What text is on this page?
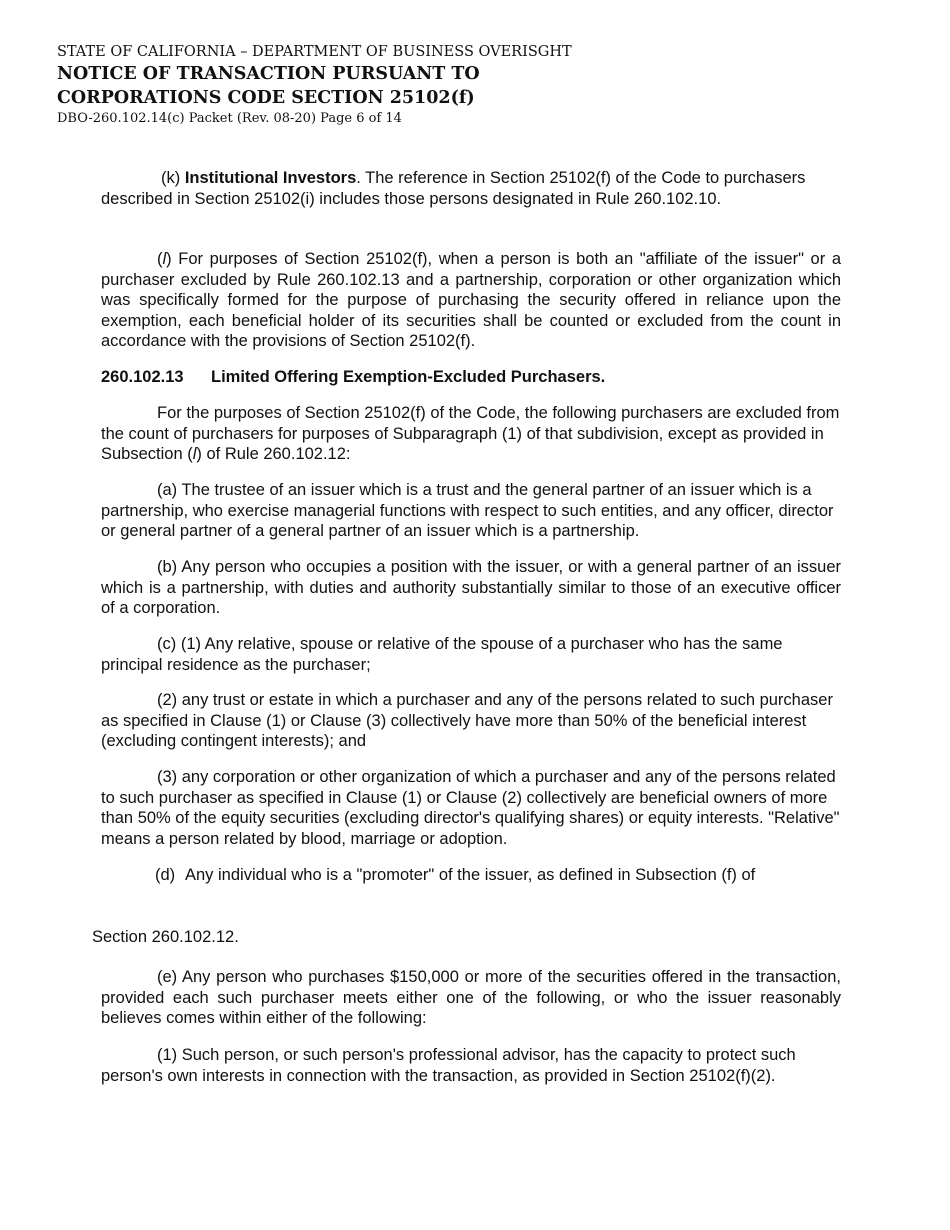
STATE OF CALIFORNIA – DEPARTMENT OF BUSINESS OVERISGHT
NOTICE OF TRANSACTION PURSUANT TO
CORPORATIONS CODE SECTION 25102(f)
DBO-260.102.14(c) Packet (Rev. 08-20) Page 6 of 14

(k) Institutional Investors. The reference in Section 25102(f) of the Code to purchasers described in Section 25102(i) includes those persons designated in Rule 260.102.10.

(l) For purposes of Section 25102(f), when a person is both an "affiliate of the issuer" or a purchaser excluded by Rule 260.102.13 and a partnership, corporation or other organization which was specifically formed for the purpose of purchasing the security offered in reliance upon the exemption, each beneficial holder of its securities shall be counted or excluded from the count in accordance with the provisions of Section 25102(f).

260.102.13 Limited Offering Exemption-Excluded Purchasers.

For the purposes of Section 25102(f) of the Code, the following purchasers are excluded from the count of purchasers for purposes of Subparagraph (1) of that subdivision, except as provided in Subsection (l) of Rule 260.102.12:

(a) The trustee of an issuer which is a trust and the general partner of an issuer which is a partnership, who exercise managerial functions with respect to such entities, and any officer, director or general partner of a general partner of an issuer which is a partnership.

(b) Any person who occupies a position with the issuer, or with a general partner of an issuer which is a partnership, with duties and authority substantially similar to those of an executive officer of a corporation.

(c) (1) Any relative, spouse or relative of the spouse of a purchaser who has the same principal residence as the purchaser;

(2) any trust or estate in which a purchaser and any of the persons related to such purchaser as specified in Clause (1) or Clause (3) collectively have more than 50% of the beneficial interest (excluding contingent interests); and

(3) any corporation or other organization of which a purchaser and any of the persons related to such purchaser as specified in Clause (1) or Clause (2) collectively are beneficial owners of more than 50% of the equity securities (excluding director's qualifying shares) or equity interests. "Relative" means a person related by blood, marriage or adoption.

(d) Any individual who is a "promoter" of the issuer, as defined in Subsection (f) of

Section 260.102.12.

(e) Any person who purchases $150,000 or more of the securities offered in the transaction, provided each such purchaser meets either one of the following, or who the issuer reasonably believes comes within either of the following:

(1) Such person, or such person's professional advisor, has the capacity to protect such person's own interests in connection with the transaction, as provided in Section 25102(f)(2).
